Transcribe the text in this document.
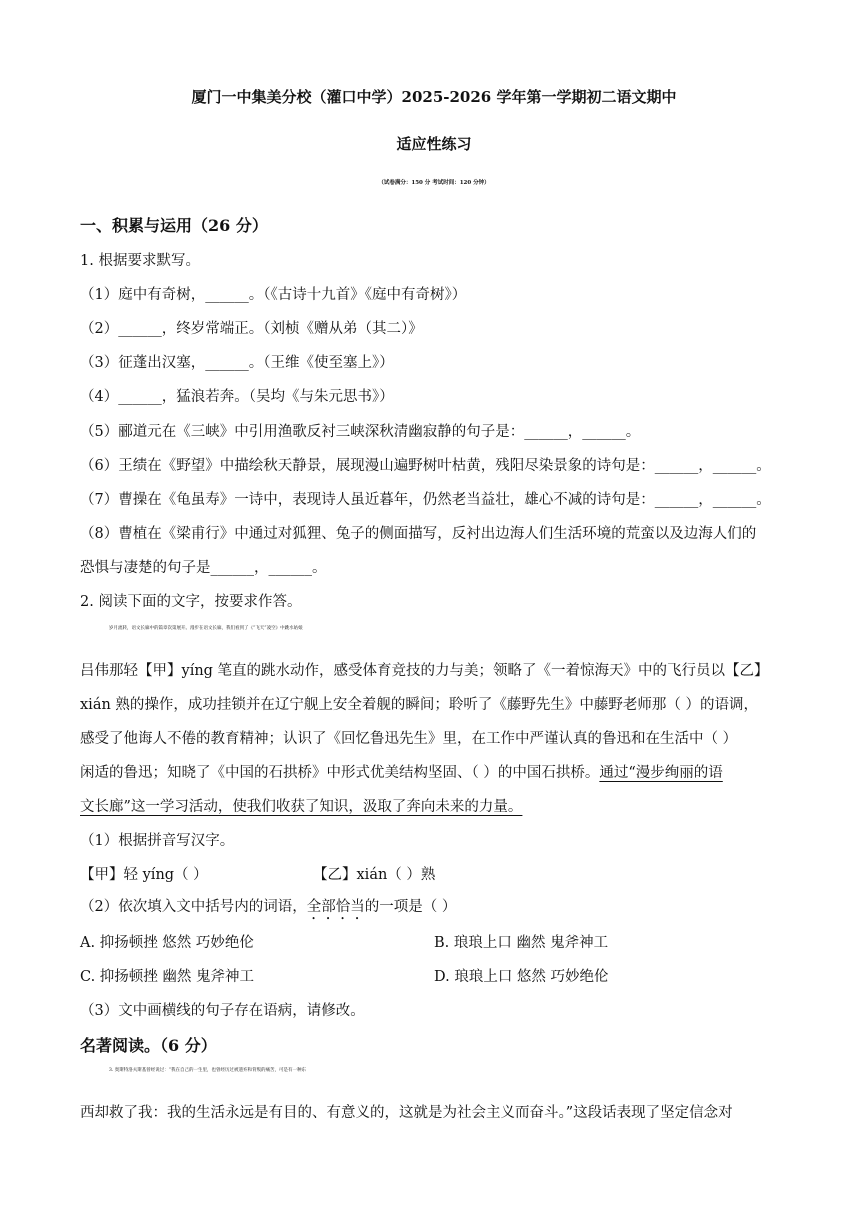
厦门一中集美分校（灌口中学）2025-2026 学年第一学期初二语文期中
适应性练习
（试卷满分：150 分 考试时间：120 分钟）
一、积累与运用（26 分）
1. 根据要求默写。
（1）庭中有奇树，______。（《古诗十九首》《庭中有奇树》）
（2）______，终岁常端正。（刘桢《赠从弟（其二）》
（3）征蓬出汉塞，______。（王维《使至塞上》）
（4）______，猛浪若奔。（吴均《与朱元思书》）
（5）郦道元在《三峡》中引用渔歌反衬三峡深秋清幽寂静的句子是：______，______。
（6）王绩在《野望》中描绘秋天静景，展现漫山遍野树叶枯黄，残阳尽染景象的诗句是：______，______。
（7）曹操在《龟虽寿》一诗中，表现诗人虽近暮年，仍然老当益壮，雄心不减的诗句是：______，______。
（8）曹植在《梁甫行》中通过对狐狸、兔子的侧面描写，反衬出边海人们生活环境的荒蛮以及边海人们的
恐惧与凄楚的句子是______，______。
2. 阅读下面的文字，按要求作答。
岁月流转，语文长廊中的篇章次第展开。漫步在语文长廊，我们看到了《“飞天”凌空》中跳水姑娘
吕伟那轻【甲】yíng 笔直的跳水动作，感受体育竞技的力与美；领略了《一着惊海天》中的飞行员以【乙】
xián 熟的操作，成功挂锁并在辽宁舰上安全着舰的瞬间；聆听了《藤野先生》中藤野老师那（ ）的语调，
感受了他诲人不倦的教育精神；认识了《回忆鲁迅先生》里，在工作中严谨认真的鲁迅和在生活中（ ）
闲适的鲁迅；知晓了《中国的石拱桥》中形式优美结构坚固、（ ）的中国石拱桥。通过“漫步绚丽的语
文长廊”这一学习活动，使我们收获了知识，汲取了奔向未来的力量。
（1）根据拼音写汉字。
【甲】轻 yíng（ ）	【乙】xián（ ）熟
（2）依次填入文中括号内的词语，全部恰当的一项是（ ）
A. 抑扬顿挫 悠然 巧妙绝伦	B. 琅琅上口 幽然 鬼斧神工
C. 抑扬顿挫 幽然 鬼斧神工	D. 琅琅上口 悠然 巧妙绝伦
（3）文中画横线的句子存在语病，请修改。
名著阅读。（6 分）
3. 奥斯特洛夫斯基曾经说过：“我在自己的一生里，也曾经历过被遗弃和背叛的痛苦，可是有一种东
西却救了我：我的生活永远是有目的、有意义的，这就是为社会主义而奋斗。”这段话表现了坚定信念对
